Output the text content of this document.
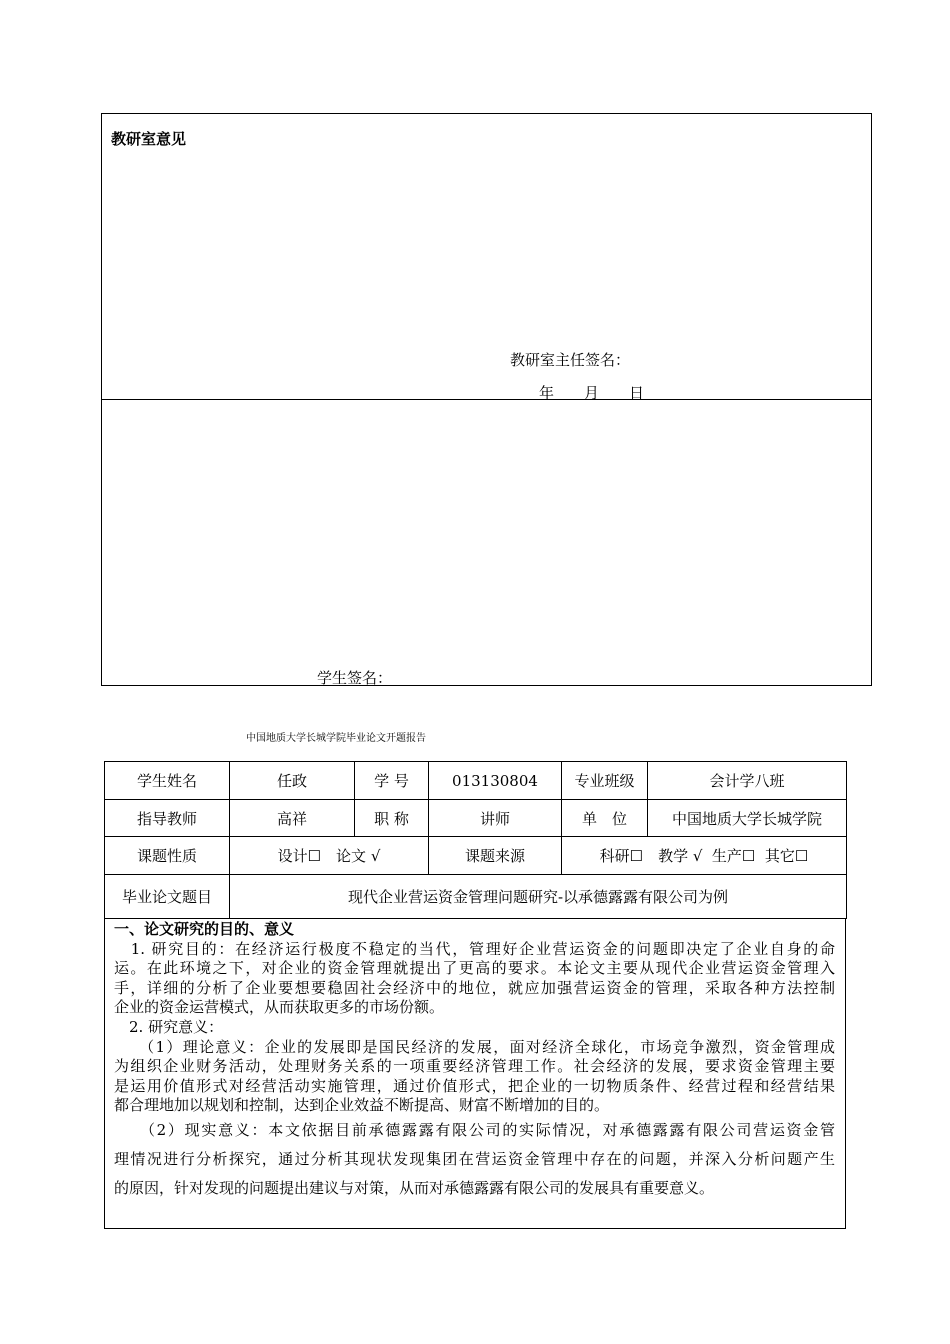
教研室意见
教研室主任签名：
年　　月　　日
学生签名：
中国地质大学长城学院毕业论文开题报告
学生姓名	任政	学 号	013130804	专业班级	会计学八班
指导教师	高祥	职 称	讲师	单　位	中国地质大学长城学院
课题性质	设计☐　论文 √		课题来源	科研☐　教学 √  生产☐  其它☐	
毕业论文题目	现代企业营运资金管理问题研究-以承德露露有限公司为例				
一、论文研究的目的、意义
　1. 研究目的：在经济运行极度不稳定的当代，管理好企业营运资金的问题即决定了企业自身的命
运。在此环境之下，对企业的资金管理就提出了更高的要求。本论文主要从现代企业营运资金管理入
手，详细的分析了企业要想要稳固社会经济中的地位，就应加强营运资金的管理，采取各种方法控制
企业的资金运营模式，从而获取更多的市场份额。
　2. 研究意义：
　　（1）理论意义：企业的发展即是国民经济的发展，面对经济全球化，市场竞争激烈，资金管理成
为组织企业财务活动，处理财务关系的一项重要经济管理工作。社会经济的发展，要求资金管理主要
是运用价值形式对经营活动实施管理，通过价值形式，把企业的一切物质条件、经营过程和经营结果
都合理地加以规划和控制，达到企业效益不断提高、财富不断增加的目的。
　　（2）现实意义：本文依据目前承德露露有限公司的实际情况，对承德露露有限公司营运资金管
理情况进行分析探究，通过分析其现状发现集团在营运资金管理中存在的问题，并深入分析问题产生
的原因，针对发现的问题提出建议与对策，从而对承德露露有限公司的发展具有重要意义。
